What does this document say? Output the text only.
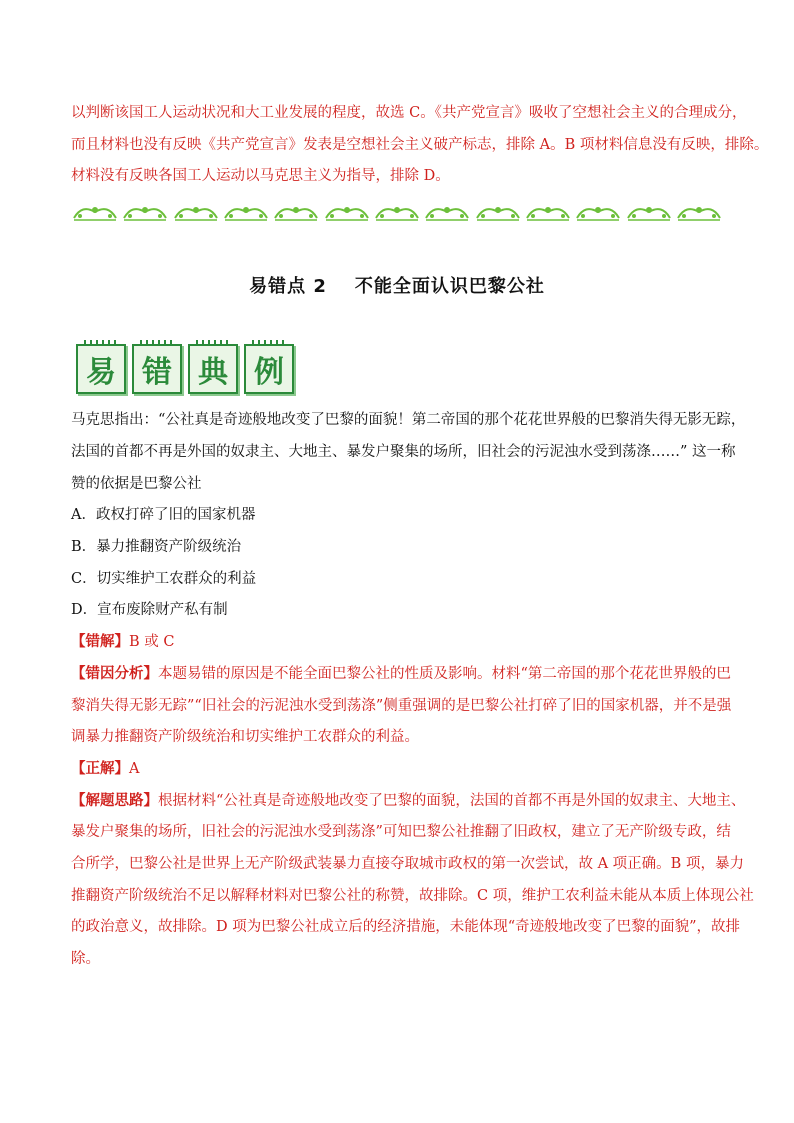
以判断该国工人运动状况和大工业发展的程度，故选 C。《共产党宣言》吸收了空想社会主义的合理成分，
而且材料也没有反映《共产党宣言》发表是空想社会主义破产标志，排除 A。B 项材料信息没有反映，排除。
材料没有反映各国工人运动以马克思主义为指导，排除 D。
易错点 2 不能全面认识巴黎公社
易 错 典 例
马克思指出：“公社真是奇迹般地改变了巴黎的面貌！第二帝国的那个花花世界般的巴黎消失得无影无踪，
法国的首都不再是外国的奴隶主、大地主、暴发户聚集的场所，旧社会的污泥浊水受到荡涤……” 这一称
赞的依据是巴黎公社
A．政权打碎了旧的国家机器
B．暴力推翻资产阶级统治
C．切实维护工农群众的利益
D．宣布废除财产私有制
【错解】B 或 C
【错因分析】本题易错的原因是不能全面巴黎公社的性质及影响。材料“第二帝国的那个花花世界般的巴
黎消失得无影无踪”“旧社会的污泥浊水受到荡涤”侧重强调的是巴黎公社打碎了旧的国家机器，并不是强
调暴力推翻资产阶级统治和切实维护工农群众的利益。
【正解】A
【解题思路】根据材料“公社真是奇迹般地改变了巴黎的面貌，法国的首都不再是外国的奴隶主、大地主、
暴发户聚集的场所，旧社会的污泥浊水受到荡涤”可知巴黎公社推翻了旧政权，建立了无产阶级专政，结
合所学，巴黎公社是世界上无产阶级武装暴力直接夺取城市政权的第一次尝试，故 A 项正确。B 项，暴力
推翻资产阶级统治不足以解释材料对巴黎公社的称赞，故排除。C 项，维护工农利益未能从本质上体现公社
的政治意义，故排除。D 项为巴黎公社成立后的经济措施，未能体现“奇迹般地改变了巴黎的面貌”，故排
除。
